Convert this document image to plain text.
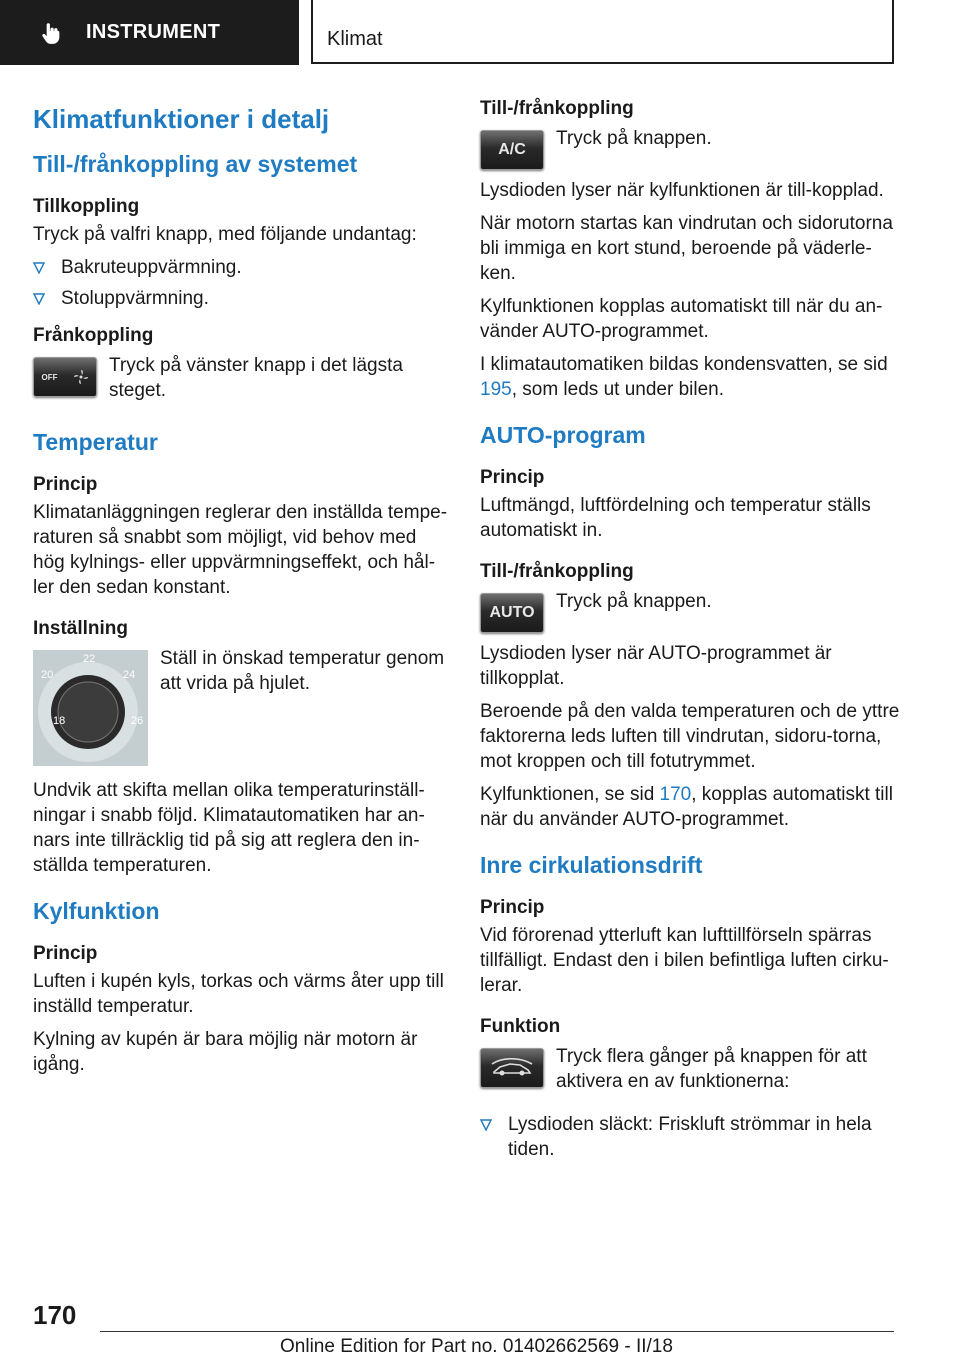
INSTRUMENT	Klimat
Klimatfunktioner i detalj
Till-/frånkoppling av systemet
Tillkoppling

Tryck på valfri knapp, med följande undantag:

Bakruteuppvärmning.
Stoluppvärmning.
Frånkoppling
OFF

Tryck på vänster knapp i det lägsta steget.

Temperatur
Princip

Klimatanläggningen reglerar den inställda tempe-raturen så snabbt som möjligt, vid behov med hög kylnings- eller uppvärmningseffekt, och hål-ler den sedan konstant.

Inställning
18
20
22
24
26

Ställ in önskad temperatur genom att vrida på hjulet.

Undvik att skifta mellan olika temperaturinställ-ningar i snabb följd. Klimatautomatiken har an-nars inte tillräcklig tid på sig att reglera den in-ställda temperaturen.

Kylfunktion
Princip

Luften i kupén kyls, torkas och värms åter upp till inställd temperatur.

Kylning av kupén är bara möjlig när motorn är igång.

Till-/frånkoppling
A/C

Tryck på knappen.

Lysdioden lyser när kylfunktionen är till-kopplad.

När motorn startas kan vindrutan och sidorutorna bli immiga en kort stund, beroende på väderle-ken.

Kylfunktionen kopplas automatiskt till när du an-vänder AUTO-programmet.

I klimatautomatiken bildas kondensvatten, se sid 195, som leds ut under bilen.

AUTO-program
Princip

Luftmängd, luftfördelning och temperatur ställs automatiskt in.

Till-/frånkoppling
AUTO

Tryck på knappen.

Lysdioden lyser när AUTO-programmet är tillkopplat.

Beroende på den valda temperaturen och de yttre faktorerna leds luften till vindrutan, sidoru-torna, mot kroppen och till fotutrymmet.

Kylfunktionen, se sid 170, kopplas automatiskt till när du använder AUTO-programmet.

Inre cirkulationsdrift
Princip

Vid förorenad ytterluft kan lufttillförseln spärras tillfälligt. Endast den i bilen befintliga luften cirku-lerar.

Funktion

Tryck flera gånger på knappen för att aktivera en av funktionerna:

Lysdioden släckt: Friskluft strömmar in hela tiden.
170
Online Edition for Part no. 01402662569 - II/18
